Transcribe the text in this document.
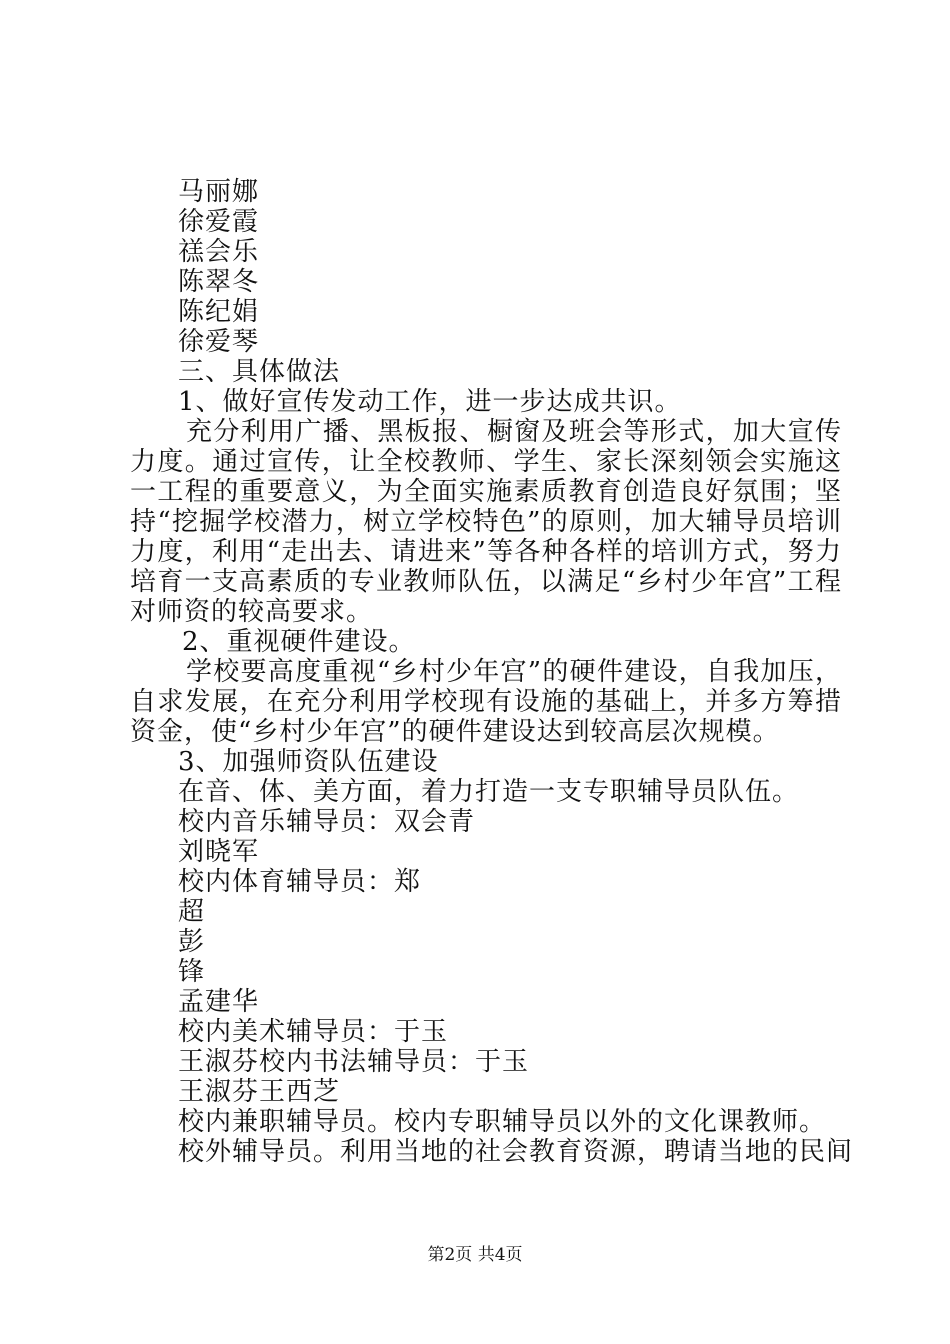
马丽娜
徐爱霞
禚会乐
陈翠冬
陈纪娟
徐爱琴
三、具体做法
1、做好宣传发动工作，进一步达成共识。
充分利用广播、黑板报、橱窗及班会等形式，加大宣传力度。通过宣传，让全校教师、学生、家长深刻领会实施这一工程的重要意义，为全面实施素质教育创造良好氛围；坚持“挖掘学校潜力，树立学校特色”的原则，加大辅导员培训力度，利用“走出去、请进来”等各种各样的培训方式，努力培育一支高素质的专业教师队伍，以满足“乡村少年宫”工程对师资的较高要求。
2、重视硬件建设。
学校要高度重视“乡村少年宫”的硬件建设，自我加压，自求发展，在充分利用学校现有设施的基础上，并多方筹措资金，使“乡村少年宫”的硬件建设达到较高层次规模。
3、加强师资队伍建设
在音、体、美方面，着力打造一支专职辅导员队伍。
校内音乐辅导员：双会青
刘晓军
校内体育辅导员：郑
超
彭
锋
孟建华
校内美术辅导员：于玉
王淑芬校内书法辅导员：于玉
王淑芬王西芝
校内兼职辅导员。校内专职辅导员以外的文化课教师。
校外辅导员。利用当地的社会教育资源，聘请当地的民间
第2页 共4页
